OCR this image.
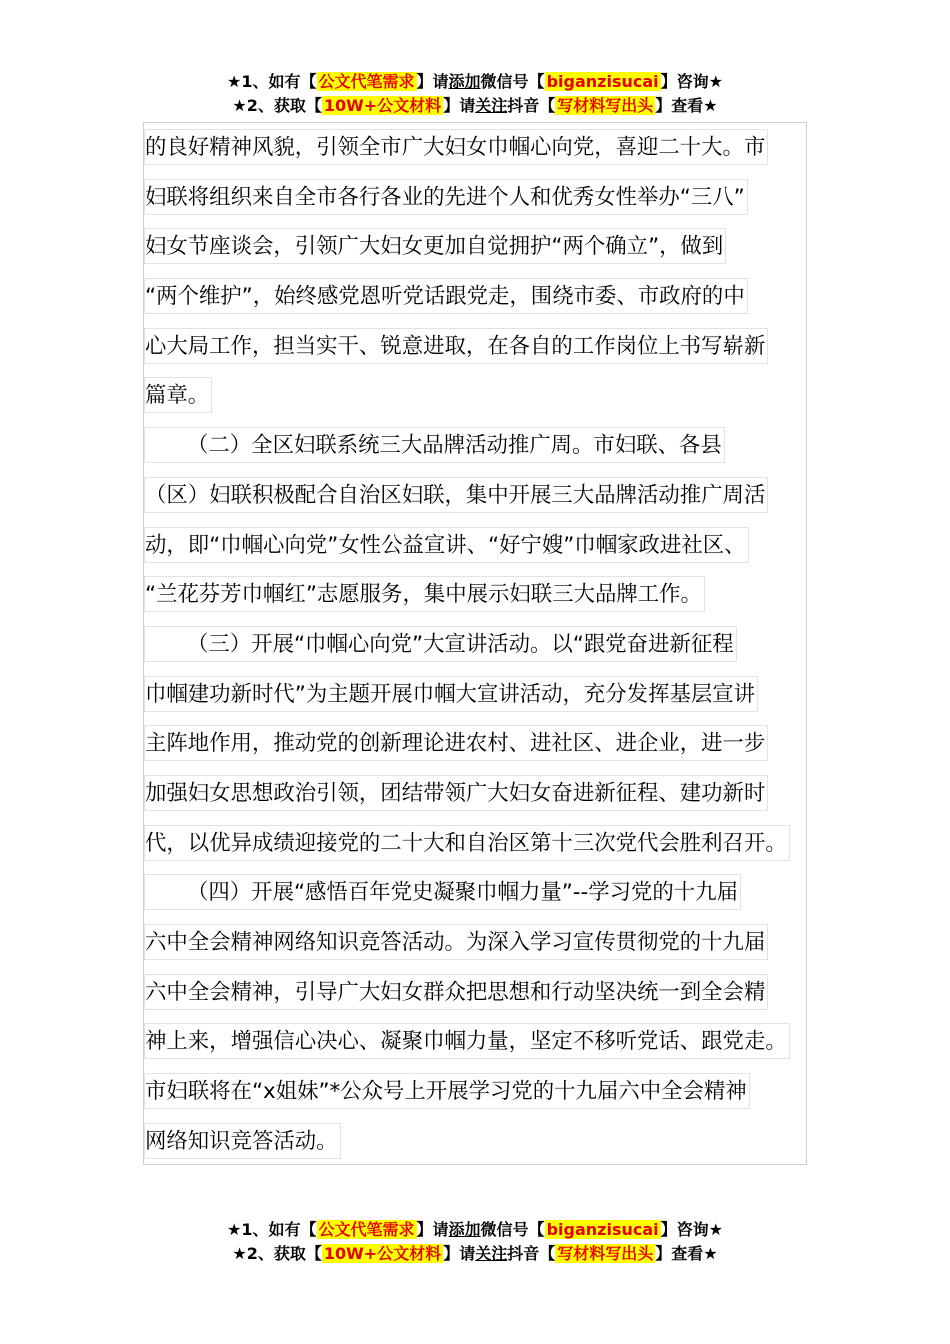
★1、如有【 公文代笔需求 】请添加微信号【 biganzisucai 】咨询★
★2、获取【 10W+公文材料 】请关注抖音【 写材料写出头 】查看★
的良好精神风貌，引领全市广大妇女巾帼心向党，喜迎二十大。市
妇联将组织来自全市各行各业的先进个人和优秀女性举办“三八”
妇女节座谈会，引领广大妇女更加自觉拥护“两个确立”，做到
“两个维护”，始终感党恩听党话跟党走，围绕市委、市政府的中
心大局工作，担当实干、锐意进取，在各自的工作岗位上书写崭新
篇章。
（二）全区妇联系统三大品牌活动推广周。市妇联、各县
（区）妇联积极配合自治区妇联，集中开展三大品牌活动推广周活
动，即“巾帼心向党”女性公益宣讲、“好宁嫂”巾帼家政进社区、
“兰花芬芳巾帼红”志愿服务，集中展示妇联三大品牌工作。
（三）开展“巾帼心向党”大宣讲活动。以“跟党奋进新征程
巾帼建功新时代”为主题开展巾帼大宣讲活动，充分发挥基层宣讲
主阵地作用，推动党的创新理论进农村、进社区、进企业，进一步
加强妇女思想政治引领，团结带领广大妇女奋进新征程、建功新时
代，以优异成绩迎接党的二十大和自治区第十三次党代会胜利召开。
（四）开展“感悟百年党史凝聚巾帼力量”--学习党的十九届
六中全会精神网络知识竞答活动。为深入学习宣传贯彻党的十九届
六中全会精神，引导广大妇女群众把思想和行动坚决统一到全会精
神上来，增强信心决心、凝聚巾帼力量，坚定不移听党话、跟党走。
市妇联将在“x姐妹”*公众号上开展学习党的十九届六中全会精神
网络知识竞答活动。
★1、如有【 公文代笔需求 】请添加微信号【 biganzisucai 】咨询★
★2、获取【 10W+公文材料 】请关注抖音【 写材料写出头 】查看★
